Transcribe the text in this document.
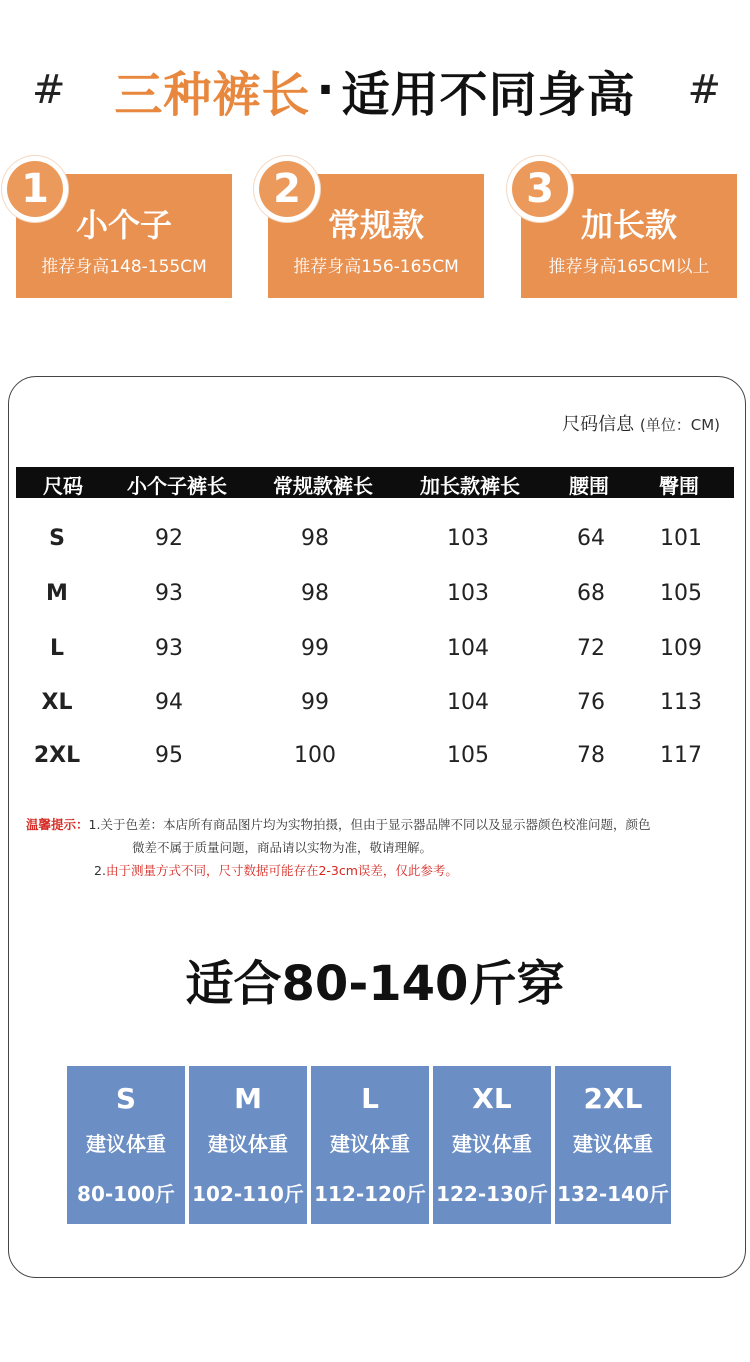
# 三种裤长 · 适用不同身高 #
1
小个子
推荐身高148-155CM
2
常规款
推荐身高156-165CM
3
加长款
推荐身高165CM以上
尺码信息 (单位：CM)
尺码 小个子裤长 常规款裤长 加长款裤长 腰围	臀围
S	92	98	103	64	101
M	93	98	103	68	105
L	93	99	104	72	109
XL	94	99	104	76	113
2XL	95	100	105	78	117
温馨提示：1.关于色差：本店所有商品图片均为实物拍摄，但由于显示器品牌不同以及显示器颜色校准问题，颜色
微差不属于质量问题，商品请以实物为准，敬请理解。
2.由于测量方式不同，尺寸数据可能存在2-3cm误差，仅此参考。
适合80-140斤穿
S
建议体重
80-100斤
M
建议体重
102-110斤
L
建议体重
112-120斤
XL
建议体重
122-130斤
2XL
建议体重
132-140斤
